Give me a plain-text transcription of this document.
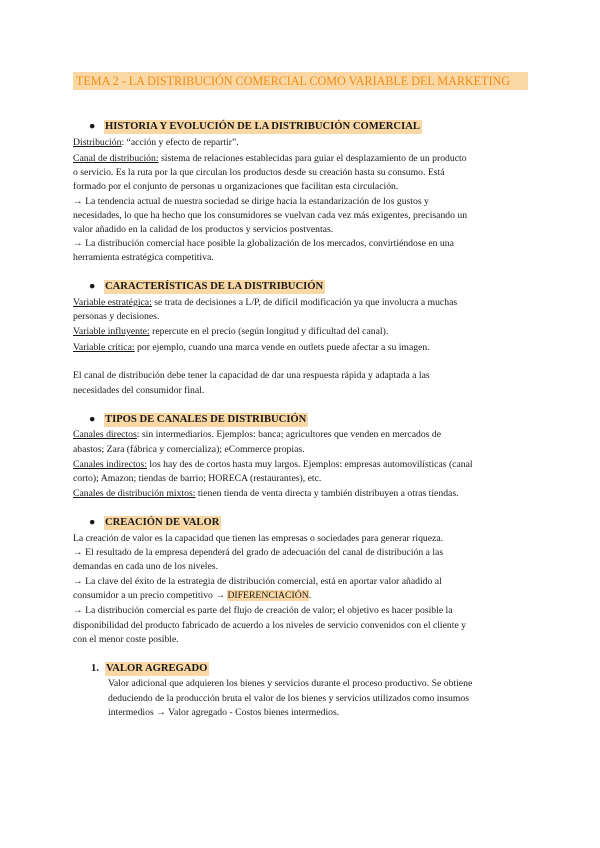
TEMA 2 - LA DISTRIBUCIÓN COMERCIAL COMO VARIABLE DEL MARKETING
● HISTORIA Y EVOLUCIÓN DE LA DISTRIBUCIÓN COMERCIAL
Distribución: “acción y efecto de repartir”.
Canal de distribución: sistema de relaciones establecidas para guiar el desplazamiento de un producto
o servicio. Es la ruta por la que circulan los productos desde su creación hasta su consumo. Está
formado por el conjunto de personas u organizaciones que facilitan esta circulación.
→ La tendencia actual de nuestra sociedad se dirige hacia la estandarización de los gustos y
necesidades, lo que ha hecho que los consumidores se vuelvan cada vez más exigentes, precisando un
valor añadido en la calidad de los productos y servicios postventas.
→ La distribución comercial hace posible la globalización de los mercados, convirtiéndose en una
herramienta estratégica competitiva.
● CARACTERÍSTICAS DE LA DISTRIBUCIÓN
Variable estratégica: se trata de decisiones a L/P, de difícil modificación ya que involucra a muchas
personas y decisiones.
Variable influyente: repercute en el precio (según longitud y dificultad del canal).
Variable crítica: por ejemplo, cuando una marca vende en outlets puede afectar a su imagen.
El canal de distribución debe tener la capacidad de dar una respuesta rápida y adaptada a las
necesidades del consumidor final.
● TIPOS DE CANALES DE DISTRIBUCIÓN
Canales directos: sin intermediarios. Ejemplos: banca; agricultores que venden en mercados de
abastos; Zara (fábrica y comercializa); eCommerce propias.
Canales indirectos: los hay des de cortos hasta muy largos. Ejemplos: empresas automovilísticas (canal
corto); Amazon; tiendas de barrio; HORECA (restaurantes), etc.
Canales de distribución mixtos: tienen tienda de venta directa y también distribuyen a otras tiendas.
● CREACIÓN DE VALOR
La creación de valor es la capacidad que tienen las empresas o sociedades para generar riqueza.
→ El resultado de la empresa dependerá del grado de adecuación del canal de distribución a las
demandas en cada uno de los niveles.
→ La clave del éxito de la estrategia de distribución comercial, está en aportar valor añadido al
consumidor a un precio competitivo → DIFERENCIACIÓN.
→ La distribución comercial es parte del flujo de creación de valor; el objetivo es hacer posible la
disponibilidad del producto fabricado de acuerdo a los niveles de servicio convenidos con el cliente y
con el menor coste posible.
1. VALOR AGREGADO
Valor adicional que adquieren los bienes y servicios durante el proceso productivo. Se obtiene
deduciendo de la producción bruta el valor de los bienes y servicios utilizados como insumos
intermedios → Valor agregado - Costos bienes intermedios.
